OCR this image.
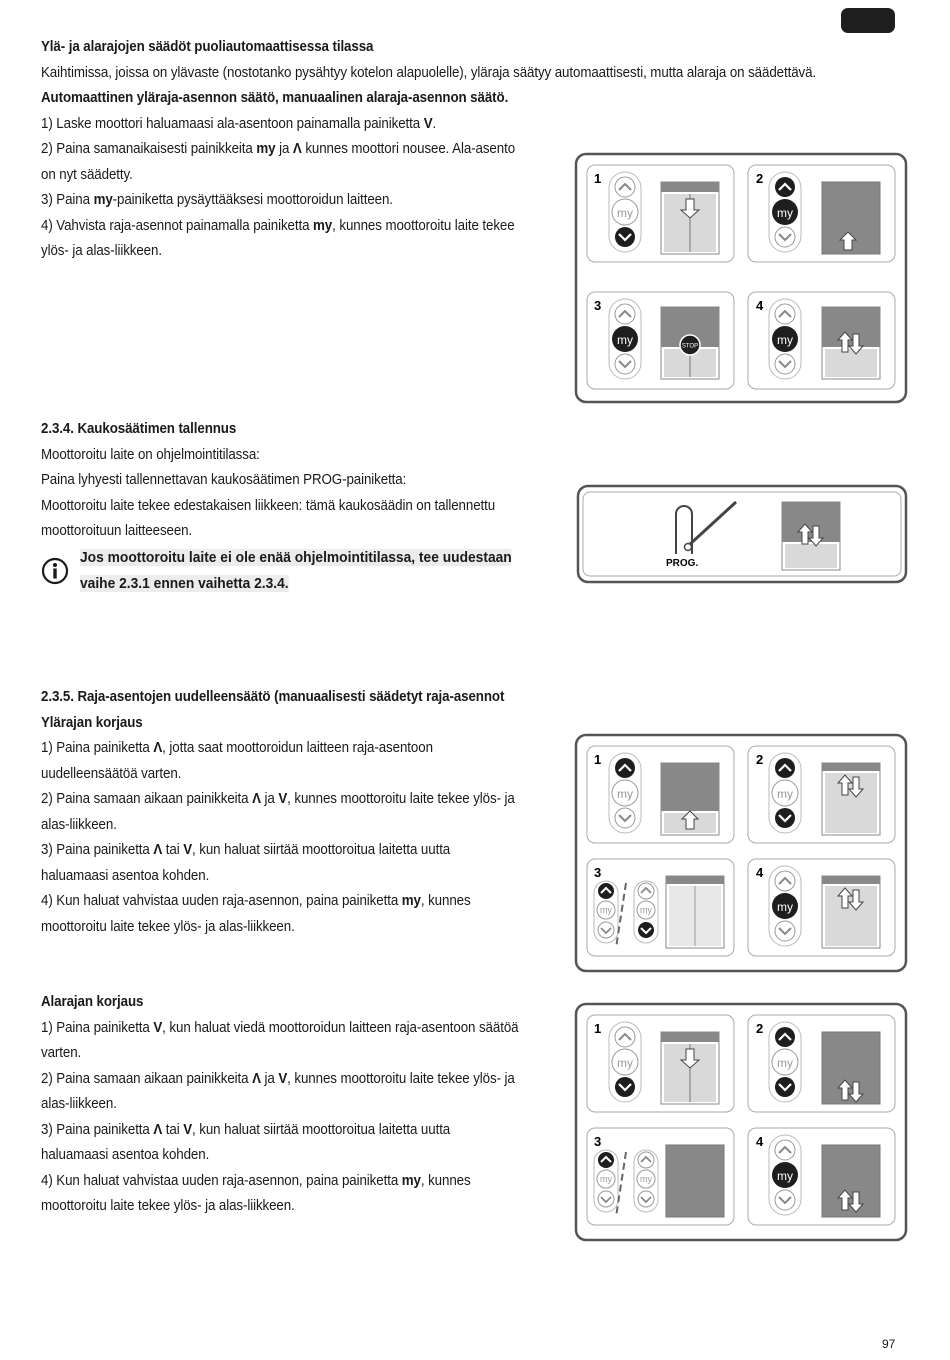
Ylä- ja alarajojen säädöt puoliautomaattisessa tilassa

Kaihtimissa, joissa on ylävaste (nostotanko pysähtyy kotelon alapuolelle), yläraja säätyy automaattisesti, mutta alaraja on säädettävä.

Automaattinen yläraja-asennon säätö, manuaalinen alaraja-asennon säätö.

1) Laske moottori haluamaasi ala-asentoon painamalla painiketta V.

2) Paina samanaikaisesti painikkeita my ja Λ kunnes moottori nousee. Ala-asento

on nyt säädetty.

3) Paina my-painiketta pysäyttääksesi moottoroidun laitteen.

4) Vahvista raja-asennot painamalla painiketta my, kunnes moottoroitu laite tekee

ylös- ja alas-liikkeen.

2.3.4. Kaukosäätimen tallennus

Moottoroitu laite on ohjelmointitilassa:

Paina lyhyesti tallennettavan kaukosäätimen PROG-painiketta:

Moottoroitu laite tekee edestakaisen liikkeen: tämä kaukosäädin on tallennettu

moottoroituun laitteeseen.

Jos moottoroitu laite ei ole enää ohjelmointitilassa, tee uudestaan

vaihe 2.3.1 ennen vaihetta 2.3.4.

2.3.5. Raja-asentojen uudelleensäätö (manuaalisesti säädetyt raja-asennot

Ylärajan korjaus

1) Paina painiketta Λ, jotta saat moottoroidun laitteen raja-asentoon

uudelleensäätöä varten.

2) Paina samaan aikaan painikkeita Λ ja V, kunnes moottoroitu laite tekee ylös- ja

alas-liikkeen.

3) Paina painiketta Λ tai V, kun haluat siirtää moottoroitua laitetta uutta

haluamaasi asentoa kohden.

4) Kun haluat vahvistaa uuden raja-asennon, paina painiketta my, kunnes

moottoroitu laite tekee ylös- ja alas-liikkeen.

Alarajan korjaus

1) Paina painiketta V, kun haluat viedä moottoroidun laitteen raja-asentoon säätöä

varten.

2) Paina samaan aikaan painikkeita Λ ja V, kunnes moottoroitu laite tekee ylös- ja

alas-liikkeen.

3) Paina painiketta Λ tai V, kun haluat siirtää moottoroitua laitetta uutta

haluamaasi asentoa kohden.

4) Kun haluat vahvistaa uuden raja-asennon, paina painiketta my, kunnes

moottoroitu laite tekee ylös- ja alas-liikkeen.

1
my
2
my
3
my	STOP
4
my
PROG.
1
my
2
my
3
my	my
4
my
1
my
2
my
3
my	my
4
my
97
